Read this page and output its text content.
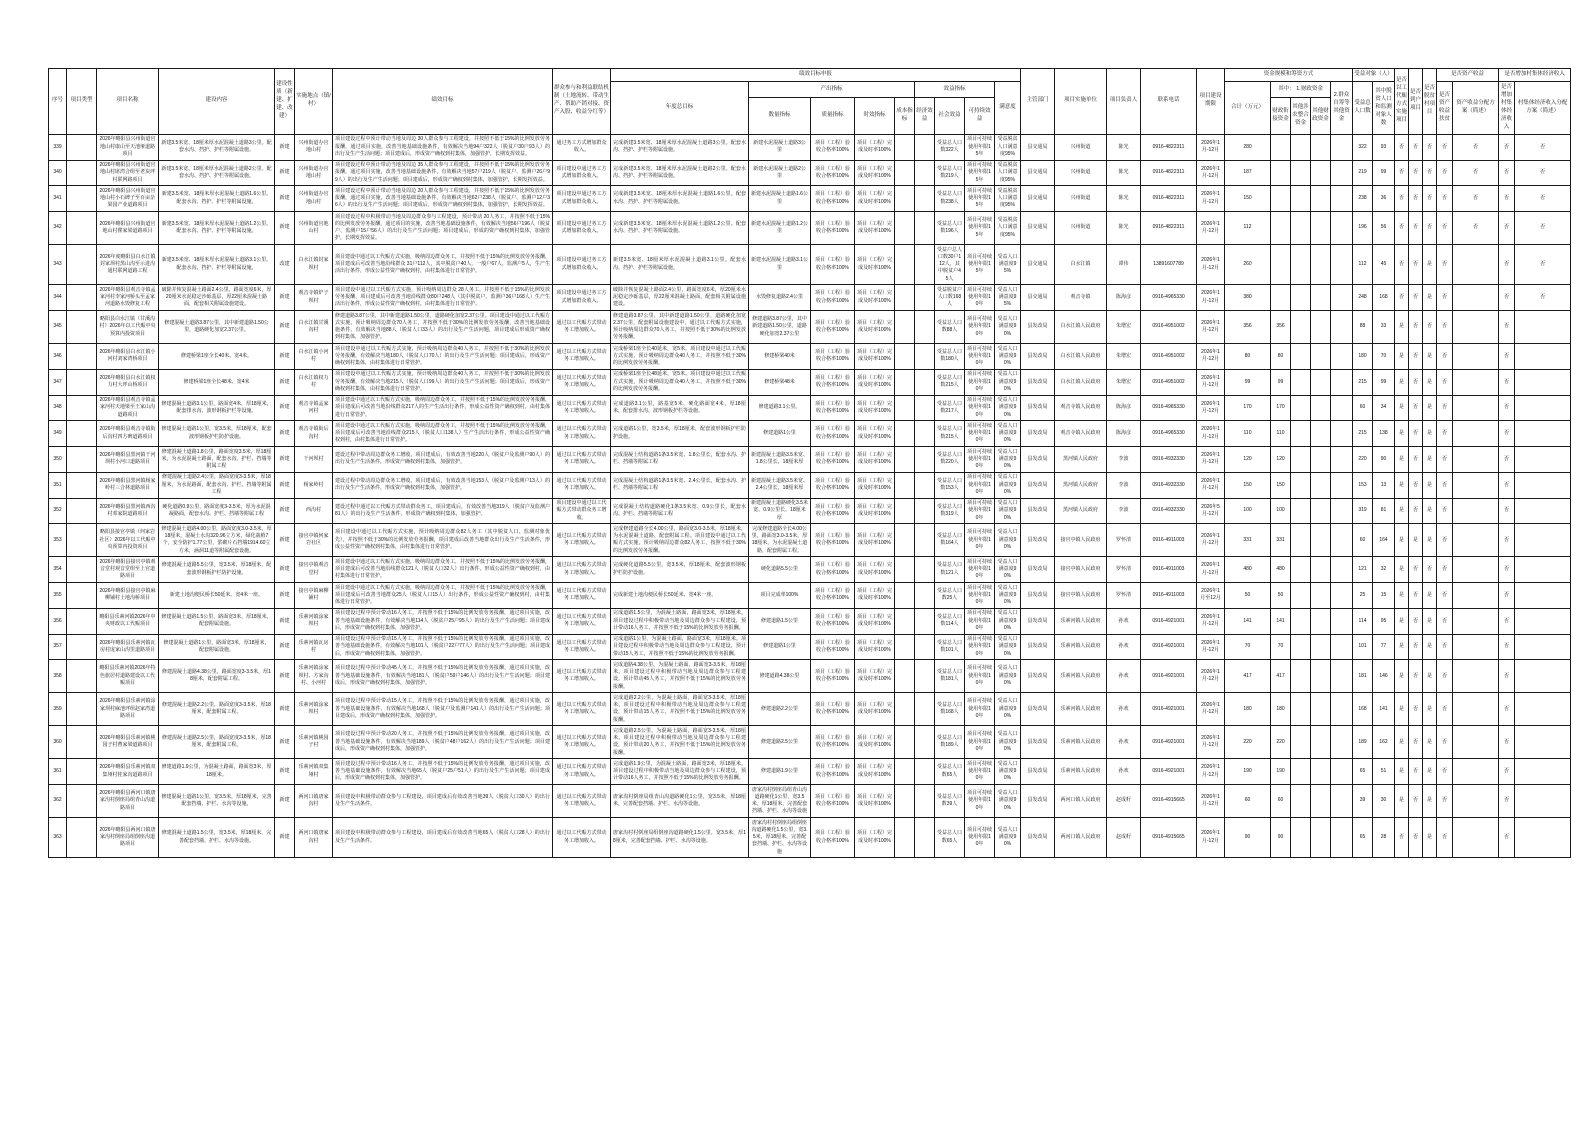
序号	项目类型	项目名称	建设内容	建设性质（新建、扩建、改建）	实施地点（镇/村）	绩效目标	群众参与和利益联结机制（土地流转、带动生产、帮助产销对接、资产入股、收益分红等）	绩效目标申报									主管部门	项目实施单位	项目负责人	联系电话	项目建设期限	资金规模和筹资方式					受益对象（人）		是否以工代赈方式实施项目	是否到户项目	是否脱贫村项目	是否资产收益		是否增加村集体经济收入	
								年度总目标	产出指标				效益指标			满意度						合计（万元）	其中： 1.财政资金			2.群众自筹等其他资金	受益总人口数	其中脱贫人口和监测对象人数				是否资产收益扶贫	资产收益分配方案（简述）	是否增加村集体经济收入	村集体经济收入分配方案（简述）
									数量指标	质量指标	时效指标	成本指标	经济效益	社会效益	可持续效益								财政衔接资金	其他涉农整合资金	其他财政资金										
339		2026年略阳县兴州街道官地山村康山至天池垭道路项目	新建3.5米宽、18厘米厚水泥混凝土道路3公里。配套水沟、挡护、护栏等附属设施。	新建	兴州街道办官地山村	项目建设过程中预计带动当地及周边 30人群众参与工程建设，并按照不低于15%的比例发放劳务报酬，通过项目实施，改善当地基础设施条件，有效解决当地94户322人（脱贫户30户93人）的出行及生产生活问题；项目建成后，形成资产确权到村集体，加强管护，长期发挥效益。	通过务工方式增加群众收入。	完成新建3.5米宽、18厘米厚水泥混凝土道路3公里。配套水沟、挡护、护栏等附属设施。	新建水泥混凝土道路3公里	项目（工程）验收合格率100%	项目（工程）完成及时率100%			受益总人口数322人	项目可持续使用年限15年	受益脱贫人口满意度95%	县交通局	兴州街道	陈光	0916-4822311	2026年1月-12月	280					322	93	否	否	否	否	否	否	否
340		2026年略阳县兴州街道官地山村席湾合组至老炭坪村联网路项目	新建3.5米宽、18厘米厚水泥混凝土道路2公里。配套水沟、挡护、护栏等附属设施。	新建	兴州街道办官地山村	项目建设过程中预计带动当地及周边 35人群众参与工程建设，并按照不低于15%的比例发放劳务报酬，通过项目实施，改善当地基础设施条件，有效解决当地57户219人（脱贫户、监测户26户99人）的出行及生产生活问题；项目建成后，形成资产确权到村集体，加强管护，长期发挥效益。	项目建设中通过务工方式增加群众收入。	完成新建3.5米宽、18厘米厚水泥混凝土道路2公里。配套水沟、挡护、护栏等附属设施。	新建水泥混凝土道路2公里	项目（工程）验收合格率100%	项目（工程）完成及时率100%			受益总人口数219人	项目可持续使用年限15年	受益脱贫人口满意度95%	县交通局	兴州街道	陈光	0916-4822311	2026年1月-12月	187					219	99	否	否	否	否	否	否	否
341		2026年略阳县兴州街道官地山村小石碑子至百亩杂果园产业道路项目	新建3.5米宽、18厘米厚水泥混凝土道路1.6公里。配套水沟、挡护、护栏等附属设施。	新建	兴州街道办官地山村	项目建设过程中预计带动当地及周边 20人群众参与工程建设，并按照不低于15%的比例发放劳务报酬，通过项目实施，改善当地基础设施条件，有效解决当地62户238人（脱贫户、监测户12户36人）的出行及生产生活问题；项目建成后，形成资产确权到村集体，加强管护，长期发挥效益。	项目建设中通过务工方式增加群众收入。	完成新建3.5米宽、18厘米厚水泥混凝土道路1.6公里。配套水沟、挡护、护栏等附属设施。	新建水泥混凝土道路1.6公里	项目（工程）验收合格率100%	项目（工程）完成及时率100%			受益总人口数238人	项目可持续使用年限15年	受益脱贫人口满意度95%	县交通局	兴州街道	陈光	0916-4822311	2026年1月-12月	150					238	36	否	否	否	否	否	否	否
342		2026年略阳县兴州街道官地山村瞿家梁道路项目	新建3.5米宽、18厘米厚水泥混凝土道路1.2公里。配套水沟、挡护、护栏等附属设施。	新建	兴州街道官地山村	项目建设过程中积极带动当地及周边群众参与工程建设，预计带动 20人务工，并按照不低于15%的比例发放劳务报酬，通过项目的实施，改善当地基础设施条件，有效解决当地56户196人（脱贫户、监测户15户56人）的出行及生产生活问题；项目建成后，形成的资产确权到村集体，加强管护，长期发挥效益。	项目建设中通过务工方式增加群众收入。	完成新建3.5米宽、18厘米厚水泥混凝土道路1.2公里。配套水沟、挡护、护栏等附属设施。	新建水泥混凝土道路1.2公里	项目（工程）验收合格率100%	项目（工程）完成及时率100%			受益总人口数196人	项目可持续使用年限15年	受益脱贫人口满意度95%	县交通局	兴州街道	陈光	0916-4822311	2026年1月-12月	112					196	56	否	否	否	否	否	否	否
343		2026年度略阳县白水江镇封家坝村黑山沟至示进沟通村联网道路工程	新建3.5米宽、18厘米厚水泥混凝土道路3.1公里。配套水沟、挡护、护栏等附属设施。	改建	白水江镇封家坝村	项目建设中通过以工代赈方式实施，吸纳周边群众务工，并按照不低于15%的比例发放劳务报酬，项目建成后可改善当地沿线群众 31户112人，其中脱贫户40人，一般户67人，监测户5人，生产生活出行条件，形成公益性资产确权到村，由村集体进行日常管护。	项目建设中通过务工方式增加群众收入。	新建3.5米宽、18厘米厚水泥混凝土道路3.1公里。配套水沟、挡护、护栏等附属设施。	新建水泥混凝土道路3.1公里	项目（工程）验收合格率100%	项目（工程）完成及时率100%			受益户总人口数30户112人，其中脱贫户45人	项目可持续使用年限15年	受益人口满意度95%	县交通局	白水江镇	谭伟	13891607789	2026年1月-12月	260					112	45	否	否	是	否		否	否
344		2026年略阳县观音寺镇孟家河村李家河桥头至孟家河道路水毁修复工程	破除并恢复混凝土路面2.4公里，路面宽度6米，厚20厘米水泥稳定沙砾基层，厚22厘米混凝土路面，配套相关附属设施建设。	新建	观音寺镇炉子坝村	项目建设中通过以工代赈方式实施，预计吸纳周边群众 28人务工，并按照不低于15%的比例发放劳务报酬，项目建成后可改善当地沿线群众80户248人（其中脱贫户、监测户36户168人）生产生活出行条件，形成公益性资产确权到村，由村集体进行日常管护。	项目建设中通过务工方式增加群众收入。	破除并恢复混凝土路面2.4公里，路面宽度6米，厚20厘米水泥稳定沙砾基层，厚22厘米混凝土路面，配套相关附属设施建设。	水毁修复道路2.4公里	项目（工程）验收合格率100%	项目（工程）完成及时率100%			受益脱贫户人口数168人	项目可持续使用年限10年	受益人口满意度95%	县交通局	观音寺镇	陈海彦	0916-4965330	2026年1月-12月	380					248	168	否	否	是	否		否	否
345		略阳县白水江镇（甘溪沟村）2026年以工代赈中央预算内投资项目	修建混凝土道路3.87公里，其中新建道路1.50公里，道路硬化加宽2.37公里。	新建	白水江镇甘溪沟村	修建道路3.87公里，其中新建道路1.50公里，道路硬化加宽2.37公里。项目建设中通过以工代赈方式实施，预计吸纳周边群众70人务工，并按照不低于30%的比例发放劳务报酬，改善当地基础设施条件，有效解决当地88人（脱贫人口33人）的出行及生产生活问题，项目建成后形成资产确权到村集体，加强管护。	通过以工代赈方式带动务工增加收入。	修建道路3.87公里，其中新建道路1.50公里，道路硬化加宽2.37公里，配套附属设施建设中，通过以工代赈方式实施，预计吸纳周边群众70人务工，并按照不低于30%的比例发放劳务报酬。	修建道路3.87公里，其中新建道路1.50公里，道路硬化加宽2.37公里	项目（工程）验收合格率100%	项目（工程）完成及时率100%			受益总人口数88人	项目可持续使用年限10年	受益人口满意度90%	县发改局	白水江镇人民政府	朱增宏	0916-4951002	2026年1月-12月	356	356				88	33	是	否	否	否		否	
346		2026年略阳县白水江镇小河村刘家湾桥项目	修建桥梁1座全长40米、宽4米。	新建	白水江镇小河村	项目建设中通过以工代赈方式实施，预计吸纳周边群众40人务工，并按照不低于30%的比例发放劳务报酬，有效解决当地180人（脱贫人口70人）的出行及生产生活问题；项目建成后，形成资产确权到村集体，由村集体进行日常管护。	通过以工代赈方式带动务工增加收入。	完成桥梁1座全长40延米，宽5米。项目建设中通过以工代赈方式实施，预计吸纳周边群众40人务工，并按照不低于30%的比例发放劳务报酬。	修建桥梁40米	项目（工程）验收合格率100%	项目（工程）完成及时率100%			受益总人口数180人	项目可持续使用年限10年	受益人口满意度90%	县发改局	白水江镇人民政府	朱增宏	0916-4951002	2026年1月-12月	80	80				180	70	是	否	是	否		否	
347		2026年略阳县白水江镇权力村大坪山桥项目	修建桥梁1座全长48米、宽4米	新建	白水江镇权力村	项目建设中通过以工代赈方式实施，预计吸纳周边群众40人务工，并按照不低于30%的比例发放劳务报酬，有效解决当地215人（脱贫人口99人）的出行及生产生活问题；项目建成后，形成资产确权到村集体，由村集体进行日常管护。	通过以工代赈方式带动务工增加收入。	完成桥梁1座全长48延米，宽5米。项目建设中通过以工代赈方式实施，预计吸纳周边群众40人务工，并按照不低于30%的比例发放劳务报酬。	修建桥梁48米	项目（工程）验收合格率100%	项目（工程）完成及时率100%			受益总人口数215人	项目可持续使用年限10年	受益人口满意度90%	县发改局	白水江镇人民政府	朱增宏	0916-4951002	2026年1月-12月	99	99				215	99	是	否	是	否		否	
348		2026年略阳县观音寺镇孟家河村天地梁至王家山沟道路项目	修建混凝土道路3.1公里，路面宽4米，厚18厘米，配套排水沟、波形钢板护栏等设施。	新建	观音寺镇孟家河村	项目建设中通过以工代赈方式实施，吸纳周边群众务工，并按照不低于15%的比例发放劳务报酬，项目建成后可改善当地沿线群众217人的生产生活出行条件，形成公益性资产确权到村，由村集体进行日常管护。	通过以工代赈方式带动务工增加收入。	完成道路3.1公里，路基宽5米，硬化路面宽4米，厚18厘米，配套排水沟、波形钢板护栏等设施。	修建道路3.1公里。	项目（工程）验收合格率100%	项目（工程）完成及时率100%			受益总人口数217人	项目可持续使用年限10年	受益人口满意度90%	县发改局	观音寺镇人民政府	陈海彦	0916-4965330	2026年1月-12月	170	170				60	34	是	否	是	否		否	
349		2026年略阳县观音寺镇街后沟村四方碑道路项目	修建混凝土道路1公里，宽3.5米，厚18厘米，配套波形钢板护栏防护设施。	新建	观音寺镇街后沟村	项目建设中通过以工代赈方式实施，吸纳周边群众务工，并按照不低于15%的比例发放劳务报酬，项目建成后可改善当地沿线群众215人（脱贫人口138人）生产生活出行条件，形成公益性资产确权到村，由村集体进行日常管护。	通过以工代赈方式带动务工增加收入。	完成道路1公里，宽3.5米，厚18厘米，配套波形钢板护栏防护设施。	修建道路1公里	项目（工程）验收合格率100%	项目（工程）完成及时率100%			受益总人口数215人	项目可持续使用年限10年	受益人口满意度90%	县发改局	观音寺镇人民政府	陈海彦	0916-4965330	2026年1月-12月	110	110				215	138	是	否	是	否		否	
350		2026年略阳县黑河镇干河坝村小河口道路项目	修建混凝土道路1.8公里，路面宽度3.5米，厚18厘米，为水泥混凝土路面，配套水沟、护栏、挡墙等附属工程	新建	干河坝村	建设过程中带动周边群众务工增收，项目建成后，有效改善当地220人（脱贫户及监测户90人）的出行及生产生活条件，形成资产确权到村集体，加强管护。	通过以工代赈方式带动务工增加收入。	完成混凝土结构道路1条3.5米宽、1.8公里长，配套水沟、护栏、挡墙等附属工程	新建混凝土道路3.5米宽、1.8公里长、18厘米厚	项目（工程）验收合格率100%	项目（工程）完成及时率100%			受益总人口数220人	项目可持续使用年限10年	受益人口满意度90%	县发改局	黑河镇人民政府	李波	0916-4932330	2026年1月-12月	120	120				220	90	是	否	是	否		否	
351		2026年略阳县黑河镇杨家岭村三合林道路项目	修建混凝土道路2.4公里，路面宽度3-3.5米，厚18厘米，为水泥路面，配套水沟、护栏、挡墙等附属工程	新建	杨家岭村	建设过程中带动周边群众务工增收，项目建成后，有效改善当地153人（脱贫户及监测户13人）的出行及生产生活条件，形成资产确权到村集体，加强管护。	通过以工代赈方式带动务工增加收入。	完成混凝土结构道路1条3.5米宽、2.4公里长，配套水沟、护栏、挡墙等附属工程	新建混凝土道路3.5米宽、2.4公里长、18厘米厚	项目（工程）验收合格率100%	项目（工程）完成及时率100%			受益总人口数153人	项目可持续使用年限10年	受益人口满意度90%	县发改局	黑河镇人民政府	李波	0916-4932330	2026年1月-12月	150	150				153	13	是	否	是	否		否	
352		2026年略阳县黑河镇西沟村邓家院道路项目	硬化道路0.9公里，路面宽度3-3.5米，厚为水泥混凝路面，配套水沟、护栏、挡墙等附属工程	新建	西沟村	建设过程中通过以工代赈方式带动群众务工，项目建成后，有效改善当地319人（脱贫户及监测户81人）的出行及生产生活条件，形成资产确权到村集体，加强管护。	项目建设中通过以工代赈方式带动群众务工增收。	完成混凝土结构道路硬化1条3.5米宽、0.9公里长，配套水沟、护栏、挡墙等附属工程	新建混凝土道路硬化3.5米宽、0.9公里长、18厘米厚	项目（工程）验收合格率100%	项目（工程）完成及时率100%			受益总人口数319人	项目可持续使用年限10年	受益人口满意度90%	县发改局	黑河镇人民政府	李波	0916-4932330	2026年5月-12月	100	100				319	81	是	否	是	否		否	
353		略阳县接官亭镇（何家岩社区）2026年以工代赈中央预算内投资项目	修建混凝土道路4.00公里，路面宽度3.0-3.5米，厚18厘米，混凝土水沟320.96立方米，绿化栽植7个，安全防护1.77公里，浆砌片石挡墙1914.60立方米，涵洞11道等附属配套设施。	新建	接官亭镇何家岩社区	项目建设中通过以工代赈方式实施，预计吸纳周边群众82人务工（其中脱贫人口、监测对象优先），并按照不低于30%的比例发放劳务报酬，项目建成后改善当地群众出行及生产生活条件，形成公益性资产确权到村集体，由村集体进行日常管护。	通过以工代赈方式带动务工增加收入。	完成修建道路全长4.00公里，路面宽3.0-3.5米，厚18厘米，为水泥混凝土道路，配套附属工程。项目建设中通过以工代赈方式实施，预计吸纳周边群众82人务工，按照不低于30%的比例发放劳务报酬。	完成修建道路全长4.00公里，路面宽3.0-3.5米，厚18厘米，为水泥混凝土道路，配套附属工程。	项目（工程）验收合格率100%	项目（工程）完成及时率100%			受益总人口数164人	项目可持续使用年限10年	受益人口满意度90%	县发改局	接官亭镇人民政府	罗怀清	0916-4911003	2026年1月-12月	331	331				60	164	是	是	是	否		否	
354		2026年略阳县接官亭镇观音堂村观音堂组至上官道路项目	修建混凝土道路5.5公里，宽3.5米，厚18厘米，配套波形钢板护栏防护设施。	新建	接官亭镇观音堂村	项目建设中通过以工代赈方式实施，吸纳周边群众务工，并按照不低于15%的比例发放劳务报酬，项目建成后可改善当地沿线群众121人（脱贫人口32人）出行条件，形成公益性资产确权到村，由村集体进行日常管护。	通过以工代赈方式带动务工增加收入。	完成硬化道路5.5公里，宽3.5米，厚18厘米，配套波形钢板护栏防护设施。	硬化道路5.5公里	项目（工程）验收合格率100%	项目（工程）完成及时率100%			受益总人口数121人	项目可持续使用年限10年	受益人口满意度90%	县发改局	接官亭镇人民政府	罗怀清	0916-4911003	2026年1月-12月	480	480				121	32	是	否	否	否		否	
355		2026年略阳县接官亭镇麻柳铺村土地沟桥项目	新建土地沟便民桥长50延米、宽4米一座。	新建	接官亭镇麻柳铺村	项目建设中通过以工代赈方式实施，吸纳周边群众务工，并按照不低于15%的比例发放劳务报酬，项目建成后可改善当地群众25人（脱贫人口15人）出行条件，形成公益性资产确权到村，由村集体进行日常管护。	通过以工代赈方式带动务工增加收入。	完成新建土地沟便民桥长50延米、宽4米一座。	项目完成率100%	项目（工程）验收合格率100%	项目（工程）完成及时率100%			受益总人口数25人	项目可持续使用年限10年	受益人口满意度90%	县发改局	接官亭镇人民政府	罗怀清	0916-4911003	2026年1月至12月	50	50				25	15	是	否	是	否		否	
356		略阳县乐素河镇2026年中央财政以工代赈项目	修建混凝土道路1.5公里，路面宽3米，厚18厘米，配套附属设施。	新建	乐素河镇涂家坝村	项目建设过程中预计带动16人务工，并按照不低于15%的比例发放劳务报酬，通过项目实施，改善当地基础设施条件，有效解决当地114人（脱贫户25户95人）的出行及生产生活问题；项目建成后，形成资产确权到村集体，加强管护。	通过以工代赈方式带动务工增加收入。	完成道路1.5公里，为混凝土路面，路面宽3米，厚18厘米。项目建设过程中积极带动当地及周边群众参与工程建设，预计带动16人务工，并按照不低于15%的比例发放劳务报酬。	修建道路1.5公里	项目（工程）验收合格率100%	项目（工程）完成及时率100%			受益总人口数114人	项目可持续使用年限10年	受益人口满意度90%	县发改局	乐素河镇人民政府	孙欢	0916-4921001	2026年1月-12月	141	141				114	95	是	否	是	否		否	
357		2026年略阳县乐素河镇瓦房村庞家山沟里道路项目	修建混凝土道路1公里，路面宽3米，厚18厘米，配套附属设施。	新建	乐素河镇瓦房村	项目建设过程中预计带动15人务工，并按照不低于15%的比例发放劳务报酬，通过项目实施，改善当地基础设施条件，有效解决当地101人（脱贫户22户77人）的出行及生产生活问题；项目建成后，形成资产确权到村集体，加强管护。	通过以工代赈方式带动务工增加收入。	完成道路1公里，为混凝土路面，路面宽3米，厚18厘米。项目建设过程中积极带动当地及周边群众参与工程建设，预计带动15人务工，并按照不低于15%的比例发放劳务报酬。	修建道路1公里	项目（工程）验收合格率100%	项目（工程）完成及时率100%			受益总人口数101人	项目可持续使用年限10年	受益人口满意度90%	县发改局	乐素河镇人民政府	孙欢	0916-4921001	2026年1月-12月	70	70				101	77	是	否	是	否		否	
358		略阳县乐素河镇2026年特色旅居村道路建设以工代赈项目	修建混凝土道路4.38公里，路面宽度3-3.5米，厚18厘米，配套附属工程。	新建	乐素河镇涂家坝村、方家沟村、小河村	项目建设过程中预计带动45人务工，并按照不低于15%的比例发放劳务报酬，通过项目实施，改善当地基础设施条件，有效解决当地181人（脱贫户59户146人）的出行及生产生活问题；项目建成后，形成资产确权到村集体，加强管护。	通过以工代赈方式带动务工增加收入。	完成道路4.38公里，为混凝土路面，路面宽3-3.5米，厚18厘米。项目建设过程中积极带动当地及周边群众参与工程建设，预计带动45人务工，并按照不低于15%的比例发放劳务报酬。	修建道路4.38公里	项目（工程）验收合格率100%	项目（工程）完成及时率100%			受益总人口数181人	项目可持续使用年限10年	受益人口满意度90%	县发改局	乐素河镇人民政府	孙欢	0916-4921001	2026年1月-12月	417	417				181	146	是	否	是	否		否	
359		2026年略阳县乐素河镇涂家坝村麻池坪组赵家湾道路项目	修建混凝土道路2.2公里，路面宽度3-3.5米，厚18厘米，配套附属工程。	新建	乐素河镇涂家坝村	项目建设过程中预计带动15人务工，并按照不低于15%的比例发放劳务报酬，通过项目实施，改善当地基础设施条件，有效解决当地168人（脱贫户及监测户141人）的出行及生产生活问题；项目建成后，形成资产确权到村集体，加强管护。	通过以工代赈方式带动务工增加收入。	完成道路2.2公里，为混凝土路面，路面宽3-3.5米，厚18厘米。项目建设过程中积极带动当地及周边群众参与工程建设，预计带动15人务工，并按照不低于15%的比例发放劳务报酬。	修建道路2.2公里	项目（工程）验收合格率100%	项目（工程）完成及时率100%			受益总人口数168人	项目可持续使用年限10年	受益人口满意度90%	县发改局	乐素河镇人民政府	孙欢	0916-4921001	2026年1月-12月	180	180				168	141	是	否	是	否		否	
360		2026年略阳县乐素河镇桃园子村曹家梁道路项目	修建混凝土道路2.5公里，路面宽度3-3.5米，厚18厘米，配套附属工程。	新建	乐素河镇桃园子村	项目建设过程中预计带动20人务工，并按照不低于15%的比例发放劳务报酬，通过项目实施，改善当地基础设施条件，有效解决当地189人（脱贫户48户162人）的出行及生产生活问题；项目建成后，形成资产确权到村集体，加强管护。	通过以工代赈方式带动务工增加收入。	完成道路2.5公里，为混凝土路面，路面宽3-3.5米，厚18厘米。项目建设过程中积极带动当地及周边群众参与工程建设，预计带动20人务工，并按照不低于15%的比例发放劳务报酬。	修建道路2.5公里	项目（工程）验收合格率100%	项目（工程）完成及时率100%			受益总人口数189人	项目可持续使用年限10年	受益人口满意度90%	县发改局	乐素河镇人民政府	孙欢	0916-4921001	2026年1月-12月	220	220				189	162	是	否	是	否		否	
361		2026年略阳县乐素河镇双集垭村桂家沟道路项目	修建道路1.9公里，为混凝土路面，路面宽3米，厚18厘米。	新建	乐素河镇双集垭村	项目建设过程中预计带动16人务工，并按照不低于15%的比例发放劳务报酬，通过项目实施，改善当地基础设施条件，有效解决当地65人（脱贫户25户51人）的出行及生产生活问题；项目建成后，形成资产确权到村集体，加强管护。	通过以工代赈方式带动务工增加收入。	完成道路1.9公里，为混凝土路面，路面宽3米，厚18厘米。项目建设过程中积极带动当地及周边群众参与工程建设，预计带动16人务工，并按照不低于15%的比例发放劳务报酬。	修建道路1.9公里	项目（工程）验收合格率100%	项目（工程）完成及时率100%			受益总人口数65人	项目可持续使用年限10年	受益人口满意度90%	县发改局	乐素河镇人民政府	孙欢	0916-4921001	2026年1月-12月	190	190				65	51	是	否	是	否		否	
362		2026年略阳县两河口镇唐家沟村倒座局组青山沟道路项目	修建混凝土道路1公里，宽3.5米，厚18厘米，完善配套挡墙、护栏、水沟等设施。	新建	两河口镇唐家沟村	项目建设中积极带动群众参与工程建设，项目建成后有效改善当地39人（脱贫人口30人）的出行及生产生活条件。	通过以工代赈方式带动务工增加收入。	唐家沟村倒座局组青山沟道路硬化1公里，宽3.5米，厚18厘米，完善配套挡墙、护栏、水沟等设施。	唐家沟村倒座局组青山沟道路硬化1公里，宽3.5米，厚18厘米，完善配套挡墙、护栏、水沟等设施	项目（工程）验收合格率100%	项目（工程）完成及时率100%			受益总人口数39人	项目可持续使用年限10年	受益人口满意度90%	县发改局	两河口镇人民政府	赵成籽	0916-4915665	2026年1月-12月	60	60				39	30	是	否	是	否		否	
363		2026年略阳县两河口镇唐家沟村倒座局组倒座沟道路项目	修建混凝土道路1.5公里，宽3.5米，厚18厘米，完善配套挡墙、护栏、水沟等设施。	新建	两河口镇唐家沟村	项目建设中积极带动群众参与工程建设，项目建成后有效改善当地65人（脱贫人口28人）的出行及生产生活条件。	通过以工代赈方式带动务工增加收入。	唐家沟村村倒座局组倒座沟道路硬化1.5公里，宽3.5米，厚18厘米，完善配套挡墙、护栏、水沟等设施。	唐家沟村村倒座局组倒座沟道路硬化1.5公里，宽3.5米，厚18厘米，完善配套挡墙、护栏、水沟等设施	项目（工程）验收合格率100%	项目（工程）完成及时率100%			受益总人口数65人	项目可持续使用年限10年	受益人口满意度90%	县发改局	两河口镇人民政府	赵成籽	0916-4915665	2026年1月-12月	90	90				65	28	否	否	是	否		否	
